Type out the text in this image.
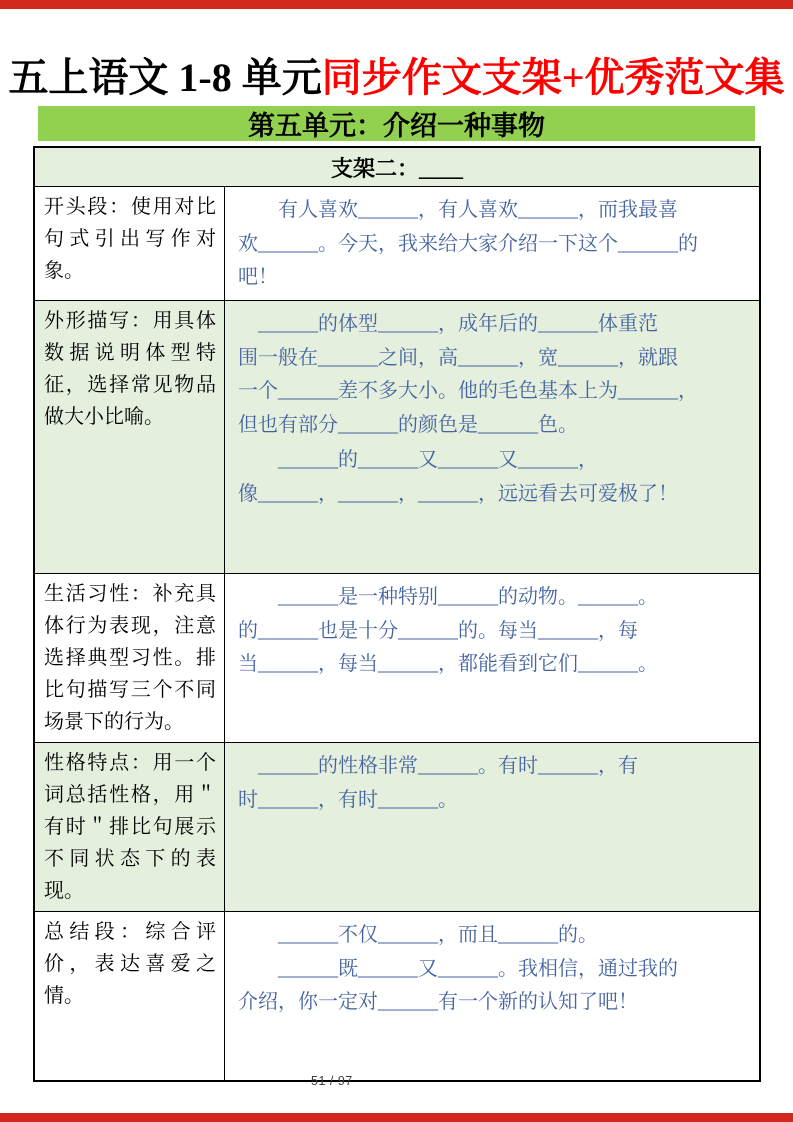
五上语文 1-8 单元同步作文支架+优秀范文集
第五单元：介绍一种事物
支架二：____
开头段：使用对比句式引出写作对象。
　　有人喜欢______，有人喜欢______，而我最喜
欢______。今天，我来给大家介绍一下这个______的
吧！
外形描写：用具体数据说明体型特征，选择常见物品做大小比喻。
　______的体型______，成年后的______体重范
围一般在______之间，高______，宽______，就跟
一个______差不多大小。他的毛色基本上为______，
但也有部分______的颜色是______色。
　　______的______又______又______，
像______，______，______，远远看去可爱极了！
生活习性：补充具体行为表现，注意选择典型习性。排比句描写三个不同场景下的行为。
　　______是一种特别______的动物。______。
的______也是十分______的。每当______，每
当______，每当______，都能看到它们______。
性格特点：用一个词总括性格，用＂有时＂排比句展示不同状态下的表现。
　______的性格非常______。有时______，有
时______，有时______。
总结段：综合评价，表达喜爱之情。
　　______不仅______，而且______的。
　　______既______又______。我相信，通过我的
介绍，你一定对______有一个新的认知了吧！
51 / 97
